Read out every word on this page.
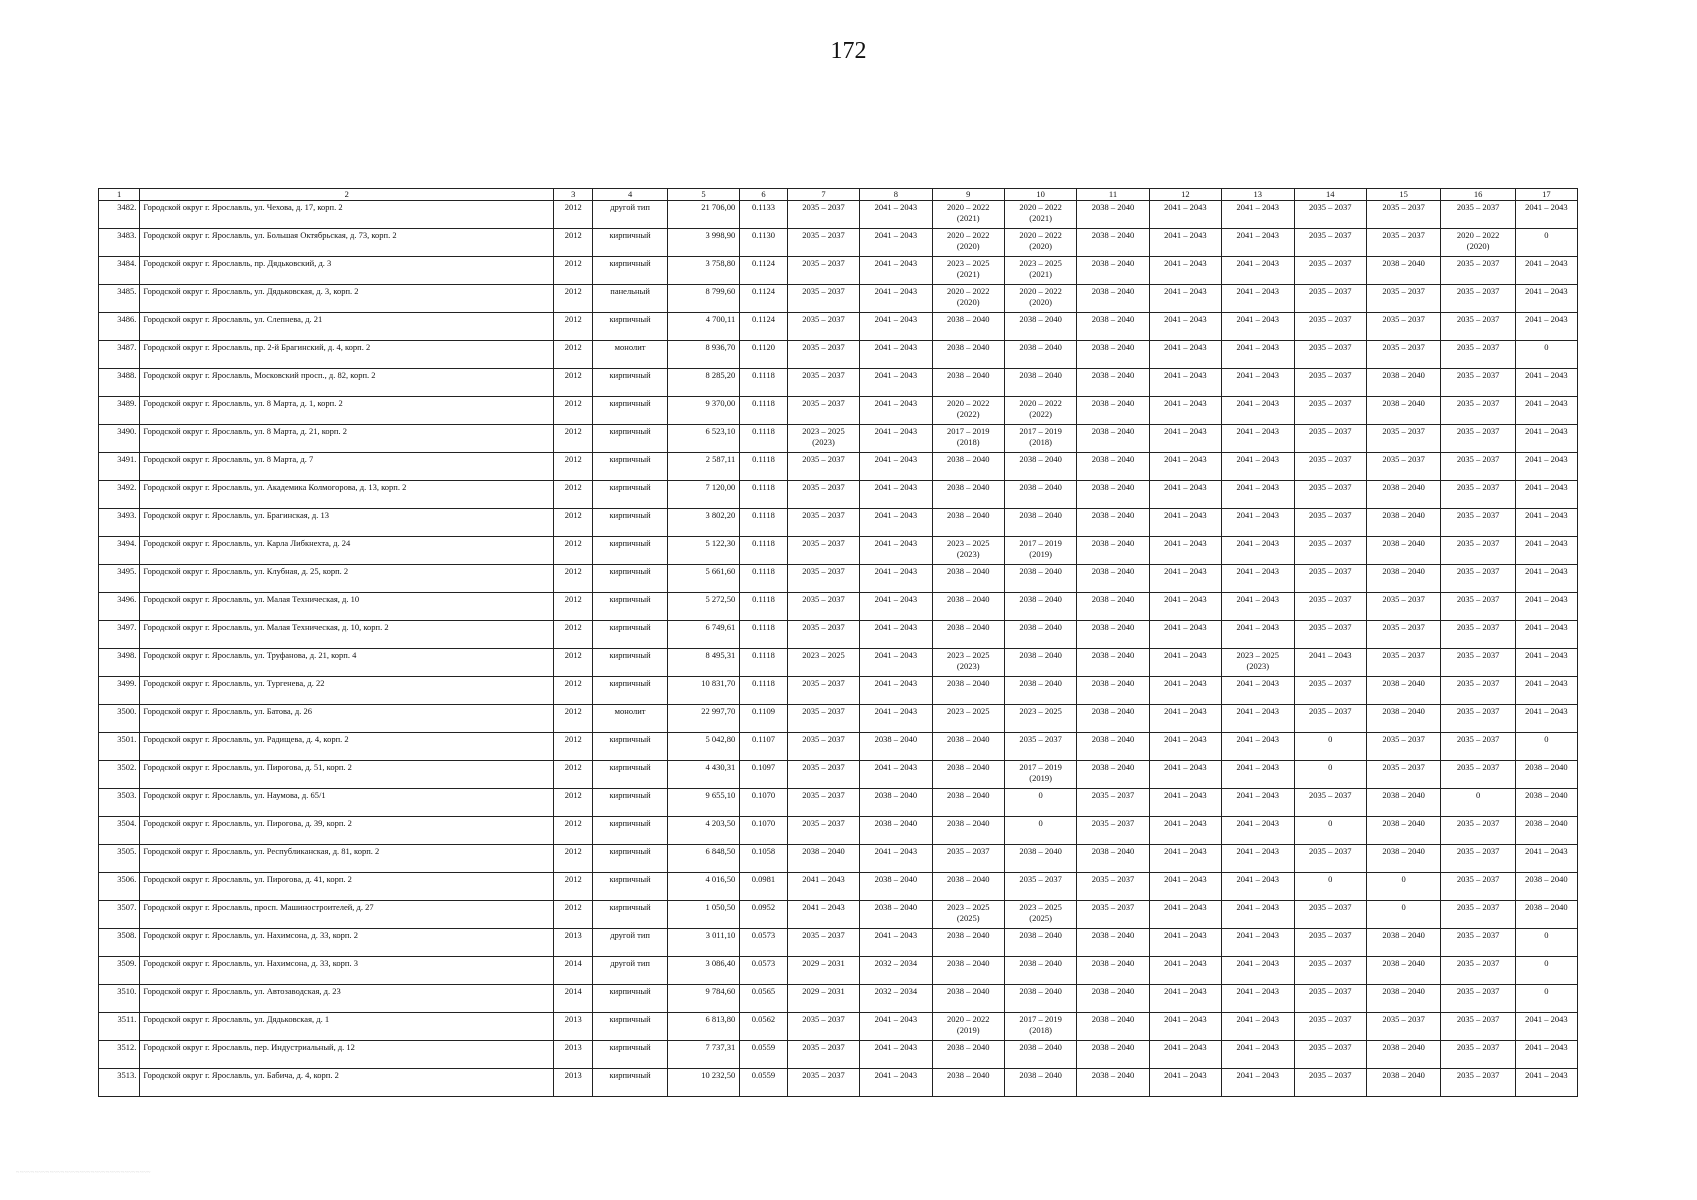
172
1	2	3	4	5	6	7	8	9	10	11	12	13	14	15	16	17
3482.	Городской округ г. Ярославль, ул. Чехова, д. 17, корп. 2	2012	другой тип	21 706,00	0.1133	2035 – 2037	2041 – 2043	2020 – 2022
(2021)	2020 – 2022
(2021)	2038 – 2040	2041 – 2043	2041 – 2043	2035 – 2037	2035 – 2037	2035 – 2037	2041 – 2043
3483.	Городской округ г. Ярославль, ул. Большая Октябрьская, д. 73, корп. 2	2012	кирпичный	3 998,90	0.1130	2035 – 2037	2041 – 2043	2020 – 2022
(2020)	2020 – 2022
(2020)	2038 – 2040	2041 – 2043	2041 – 2043	2035 – 2037	2035 – 2037	2020 – 2022
(2020)	0
3484.	Городской округ г. Ярославль, пр. Дядьковский, д. 3	2012	кирпичный	3 758,80	0.1124	2035 – 2037	2041 – 2043	2023 – 2025
(2021)	2023 – 2025
(2021)	2038 – 2040	2041 – 2043	2041 – 2043	2035 – 2037	2038 – 2040	2035 – 2037	2041 – 2043
3485.	Городской округ г. Ярославль, ул. Дядьковская, д. 3, корп. 2	2012	панельный	8 799,60	0.1124	2035 – 2037	2041 – 2043	2020 – 2022
(2020)	2020 – 2022
(2020)	2038 – 2040	2041 – 2043	2041 – 2043	2035 – 2037	2035 – 2037	2035 – 2037	2041 – 2043
3486.	Городской округ г. Ярославль, ул. Слепнева, д. 21	2012	кирпичный	4 700,11	0.1124	2035 – 2037	2041 – 2043	2038 – 2040	2038 – 2040	2038 – 2040	2041 – 2043	2041 – 2043	2035 – 2037	2035 – 2037	2035 – 2037	2041 – 2043
3487.	Городской округ г. Ярославль, пр. 2-й Брагинский, д. 4, корп. 2	2012	монолит	8 936,70	0.1120	2035 – 2037	2041 – 2043	2038 – 2040	2038 – 2040	2038 – 2040	2041 – 2043	2041 – 2043	2035 – 2037	2035 – 2037	2035 – 2037	0
3488.	Городской округ г. Ярославль, Московский просп., д. 82, корп. 2	2012	кирпичный	8 285,20	0.1118	2035 – 2037	2041 – 2043	2038 – 2040	2038 – 2040	2038 – 2040	2041 – 2043	2041 – 2043	2035 – 2037	2038 – 2040	2035 – 2037	2041 – 2043
3489.	Городской округ г. Ярославль, ул. 8 Марта, д. 1, корп. 2	2012	кирпичный	9 370,00	0.1118	2035 – 2037	2041 – 2043	2020 – 2022
(2022)	2020 – 2022
(2022)	2038 – 2040	2041 – 2043	2041 – 2043	2035 – 2037	2038 – 2040	2035 – 2037	2041 – 2043
3490.	Городской округ г. Ярославль, ул. 8 Марта, д. 21, корп. 2	2012	кирпичный	6 523,10	0.1118	2023 – 2025
(2023)	2041 – 2043	2017 – 2019
(2018)	2017 – 2019
(2018)	2038 – 2040	2041 – 2043	2041 – 2043	2035 – 2037	2035 – 2037	2035 – 2037	2041 – 2043
3491.	Городской округ г. Ярославль, ул. 8 Марта, д. 7	2012	кирпичный	2 587,11	0.1118	2035 – 2037	2041 – 2043	2038 – 2040	2038 – 2040	2038 – 2040	2041 – 2043	2041 – 2043	2035 – 2037	2035 – 2037	2035 – 2037	2041 – 2043
3492.	Городской округ г. Ярославль, ул. Академика Колмогорова, д. 13, корп. 2	2012	кирпичный	7 120,00	0.1118	2035 – 2037	2041 – 2043	2038 – 2040	2038 – 2040	2038 – 2040	2041 – 2043	2041 – 2043	2035 – 2037	2038 – 2040	2035 – 2037	2041 – 2043
3493.	Городской округ г. Ярославль, ул. Брагинская, д. 13	2012	кирпичный	3 802,20	0.1118	2035 – 2037	2041 – 2043	2038 – 2040	2038 – 2040	2038 – 2040	2041 – 2043	2041 – 2043	2035 – 2037	2038 – 2040	2035 – 2037	2041 – 2043
3494.	Городской округ г. Ярославль, ул. Карла Либкнехта, д. 24	2012	кирпичный	5 122,30	0.1118	2035 – 2037	2041 – 2043	2023 – 2025
(2023)	2017 – 2019
(2019)	2038 – 2040	2041 – 2043	2041 – 2043	2035 – 2037	2038 – 2040	2035 – 2037	2041 – 2043
3495.	Городской округ г. Ярославль, ул. Клубная, д. 25, корп. 2	2012	кирпичный	5 661,60	0.1118	2035 – 2037	2041 – 2043	2038 – 2040	2038 – 2040	2038 – 2040	2041 – 2043	2041 – 2043	2035 – 2037	2038 – 2040	2035 – 2037	2041 – 2043
3496.	Городской округ г. Ярославль, ул. Малая Техническая, д. 10	2012	кирпичный	5 272,50	0.1118	2035 – 2037	2041 – 2043	2038 – 2040	2038 – 2040	2038 – 2040	2041 – 2043	2041 – 2043	2035 – 2037	2035 – 2037	2035 – 2037	2041 – 2043
3497.	Городской округ г. Ярославль, ул. Малая Техническая, д. 10, корп. 2	2012	кирпичный	6 749,61	0.1118	2035 – 2037	2041 – 2043	2038 – 2040	2038 – 2040	2038 – 2040	2041 – 2043	2041 – 2043	2035 – 2037	2035 – 2037	2035 – 2037	2041 – 2043
3498.	Городской округ г. Ярославль, ул. Труфанова, д. 21, корп. 4	2012	кирпичный	8 495,31	0.1118	2023 – 2025	2041 – 2043	2023 – 2025
(2023)	2038 – 2040	2038 – 2040	2041 – 2043	2023 – 2025
(2023)	2041 – 2043	2035 – 2037	2035 – 2037	2041 – 2043
3499.	Городской округ г. Ярославль, ул. Тургенева, д. 22	2012	кирпичный	10 831,70	0.1118	2035 – 2037	2041 – 2043	2038 – 2040	2038 – 2040	2038 – 2040	2041 – 2043	2041 – 2043	2035 – 2037	2038 – 2040	2035 – 2037	2041 – 2043
3500.	Городской округ г. Ярославль, ул. Батова, д. 26	2012	монолит	22 997,70	0.1109	2035 – 2037	2041 – 2043	2023 – 2025	2023 – 2025	2038 – 2040	2041 – 2043	2041 – 2043	2035 – 2037	2038 – 2040	2035 – 2037	2041 – 2043
3501.	Городской округ г. Ярославль, ул. Радищева, д. 4, корп. 2	2012	кирпичный	5 042,80	0.1107	2035 – 2037	2038 – 2040	2038 – 2040	2035 – 2037	2038 – 2040	2041 – 2043	2041 – 2043	0	2035 – 2037	2035 – 2037	0
3502.	Городской округ г. Ярославль, ул. Пирогова, д. 51, корп. 2	2012	кирпичный	4 430,31	0.1097	2035 – 2037	2041 – 2043	2038 – 2040	2017 – 2019
(2019)	2038 – 2040	2041 – 2043	2041 – 2043	0	2035 – 2037	2035 – 2037	2038 – 2040
3503.	Городской округ г. Ярославль, ул. Наумова, д. 65/1	2012	кирпичный	9 655,10	0.1070	2035 – 2037	2038 – 2040	2038 – 2040	0	2035 – 2037	2041 – 2043	2041 – 2043	2035 – 2037	2038 – 2040	0	2038 – 2040
3504.	Городской округ г. Ярославль, ул. Пирогова, д. 39, корп. 2	2012	кирпичный	4 203,50	0.1070	2035 – 2037	2038 – 2040	2038 – 2040	0	2035 – 2037	2041 – 2043	2041 – 2043	0	2038 – 2040	2035 – 2037	2038 – 2040
3505.	Городской округ г. Ярославль, ул. Республиканская, д. 81, корп. 2	2012	кирпичный	6 848,50	0.1058	2038 – 2040	2041 – 2043	2035 – 2037	2038 – 2040	2038 – 2040	2041 – 2043	2041 – 2043	2035 – 2037	2038 – 2040	2035 – 2037	2041 – 2043
3506.	Городской округ г. Ярославль, ул. Пирогова, д. 41, корп. 2	2012	кирпичный	4 016,50	0.0981	2041 – 2043	2038 – 2040	2038 – 2040	2035 – 2037	2035 – 2037	2041 – 2043	2041 – 2043	0	0	2035 – 2037	2038 – 2040
3507.	Городской округ г. Ярославль, просп. Машиностроителей, д. 27	2012	кирпичный	1 050,50	0.0952	2041 – 2043	2038 – 2040	2023 – 2025
(2025)	2023 – 2025
(2025)	2035 – 2037	2041 – 2043	2041 – 2043	2035 – 2037	0	2035 – 2037	2038 – 2040
3508.	Городской округ г. Ярославль, ул. Нахимсона, д. 33, корп. 2	2013	другой тип	3 011,10	0.0573	2035 – 2037	2041 – 2043	2038 – 2040	2038 – 2040	2038 – 2040	2041 – 2043	2041 – 2043	2035 – 2037	2038 – 2040	2035 – 2037	0
3509.	Городской округ г. Ярославль, ул. Нахимсона, д. 33, корп. 3	2014	другой тип	3 086,40	0.0573	2029 – 2031	2032 – 2034	2038 – 2040	2038 – 2040	2038 – 2040	2041 – 2043	2041 – 2043	2035 – 2037	2038 – 2040	2035 – 2037	0
3510.	Городской округ г. Ярославль, ул. Автозаводская, д. 23	2014	кирпичный	9 784,60	0.0565	2029 – 2031	2032 – 2034	2038 – 2040	2038 – 2040	2038 – 2040	2041 – 2043	2041 – 2043	2035 – 2037	2038 – 2040	2035 – 2037	0
3511.	Городской округ г. Ярославль, ул. Дядьковская, д. 1	2013	кирпичный	6 813,80	0.0562	2035 – 2037	2041 – 2043	2020 – 2022
(2019)	2017 – 2019
(2018)	2038 – 2040	2041 – 2043	2041 – 2043	2035 – 2037	2035 – 2037	2035 – 2037	2041 – 2043
3512.	Городской округ г. Ярославль, пер. Индустриальный, д. 12	2013	кирпичный	7 737,31	0.0559	2035 – 2037	2041 – 2043	2038 – 2040	2038 – 2040	2038 – 2040	2041 – 2043	2041 – 2043	2035 – 2037	2038 – 2040	2035 – 2037	2041 – 2043
3513.	Городской округ г. Ярославль, ул. Бабича, д. 4, корп. 2	2013	кирпичный	10 232,50	0.0559	2035 – 2037	2041 – 2043	2038 – 2040	2038 – 2040	2038 – 2040	2041 – 2043	2041 – 2043	2035 – 2037	2038 – 2040	2035 – 2037	2041 – 2043
~~~~~~~~~~~~~~~~~~~~~~~~~~~~~~~~~~~~
